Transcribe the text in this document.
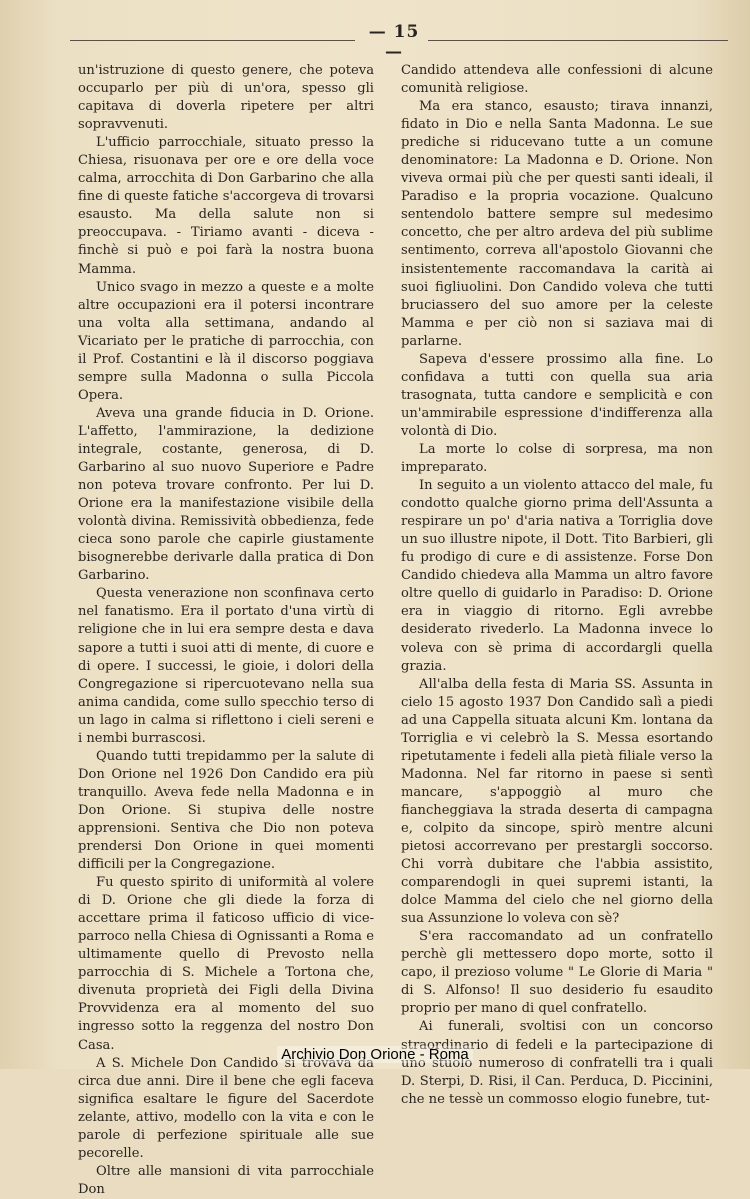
— 15 —

un'istruzione di questo genere, che poteva occuparlo per più di un'ora, spesso gli capitava di doverla ripetere per altri sopravvenuti.

L'ufficio parrocchiale, situato presso la Chiesa, risuonava per ore e ore della voce calma, arrocchita di Don Garbarino che alla fine di queste fatiche s'accorgeva di trovarsi esausto. Ma della salute non si preoccupava. - Tiriamo avanti - diceva - finchè si può e poi farà la nostra buona Mamma.

Unico svago in mezzo a queste e a molte altre occupazioni era il potersi incontrare una volta alla settimana, andando al Vicariato per le pratiche di parrocchia, con il Prof. Costantini e là il discorso poggiava sempre sulla Madonna o sulla Piccola Opera.

Aveva una grande fiducia in D. Orione. L'affetto, l'ammirazione, la dedizione integrale, costante, generosa, di D. Garbarino al suo nuovo Superiore e Padre non poteva trovare confronto. Per lui D. Orione era la manifestazione visibile della volontà divina. Remissività obbedienza, fede cieca sono parole che capirle giustamente bisognerebbe derivarle dalla pratica di Don Garbarino.

Questa venerazione non sconfinava certo nel fanatismo. Era il portato d'una virtù di religione che in lui era sempre desta e dava sapore a tutti i suoi atti di mente, di cuore e di opere. I successi, le gioie, i dolori della Congregazione si ripercuotevano nella sua anima candida, come sullo specchio terso di un lago in calma si riflettono i cieli sereni e i nembi burrascosi.

Quando tutti trepidammo per la salute di Don Orione nel 1926 Don Candido era più tranquillo. Aveva fede nella Madonna e in Don Orione. Si stupiva delle nostre apprensioni. Sentiva che Dio non poteva prendersi Don Orione in quei momenti difficili per la Congregazione.

Fu questo spirito di uniformità al volere di D. Orione che gli diede la forza di accettare prima il faticoso ufficio di vice-parroco nella Chiesa di Ognissanti a Roma e ultimamente quello di Prevosto nella parrocchia di S. Michele a Tortona che, divenuta proprietà dei Figli della Divina Provvidenza era al momento del suo ingresso sotto la reggenza del nostro Don Casa.

A S. Michele Don Candido si trovava da circa due anni. Dire il bene che egli faceva significa esaltare le figure del Sacerdote zelante, attivo, modello con la vita e con le parole di perfezione spirituale alle sue pecorelle.

Oltre alle mansioni di vita parrocchiale Don

Candido attendeva alle confessioni di alcune comunità religiose.

Ma era stanco, esausto; tirava innanzi, fidato in Dio e nella Santa Madonna. Le sue prediche si riducevano tutte a un comune denominatore: La Madonna e D. Orione. Non viveva ormai più che per questi santi ideali, il Paradiso e la propria vocazione. Qualcuno sentendolo battere sempre sul medesimo concetto, che per altro ardeva del più sublime sentimento, correva all'apostolo Giovanni che insistentemente raccomandava la carità ai suoi figliuolini. Don Candido voleva che tutti bruciassero del suo amore per la celeste Mamma e per ciò non si saziava mai di parlarne.

Sapeva d'essere prossimo alla fine. Lo confidava a tutti con quella sua aria trasognata, tutta candore e semplicità e con un'ammirabile espressione d'indifferenza alla volontà di Dio.

La morte lo colse di sorpresa, ma non impreparato.

In seguito a un violento attacco del male, fu condotto qualche giorno prima dell'Assunta a respirare un po' d'aria nativa a Torriglia dove un suo illustre nipote, il Dott. Tito Barbieri, gli fu prodigo di cure e di assistenze. Forse Don Candido chiedeva alla Mamma un altro favore oltre quello di guidarlo in Paradiso: D. Orione era in viaggio di ritorno. Egli avrebbe desiderato rivederlo. La Madonna invece lo voleva con sè prima di accordargli quella grazia.

All'alba della festa di Maria SS. Assunta in cielo 15 agosto 1937 Don Candido salì a piedi ad una Cappella situata alcuni Km. lontana da Torriglia e vi celebrò la S. Messa esortando ripetutamente i fedeli alla pietà filiale verso la Madonna. Nel far ritorno in paese si sentì mancare, s'appoggiò al muro che fiancheggiava la strada deserta di campagna e, colpito da sincope, spirò mentre alcuni pietosi accorrevano per prestargli soccorso. Chi vorrà dubitare che l'abbia assistito, comparendogli in quei supremi istanti, la dolce Mamma del cielo che nel giorno della sua Assunzione lo voleva con sè?

S'era raccomandato ad un confratello perchè gli mettessero dopo morte, sotto il capo, il prezioso volume " Le Glorie di Maria " di S. Alfonso! Il suo desiderio fu esaudito proprio per mano di quel confratello.

Ai funerali, svoltisi con un concorso straordinario di fedeli e la partecipazione di uno stuolo numeroso di confratelli tra i quali D. Sterpi, D. Risi, il Can. Perduca, D. Piccinini, che ne tessè un commosso elogio funebre, tut-

Archivio Don Orione - Roma
